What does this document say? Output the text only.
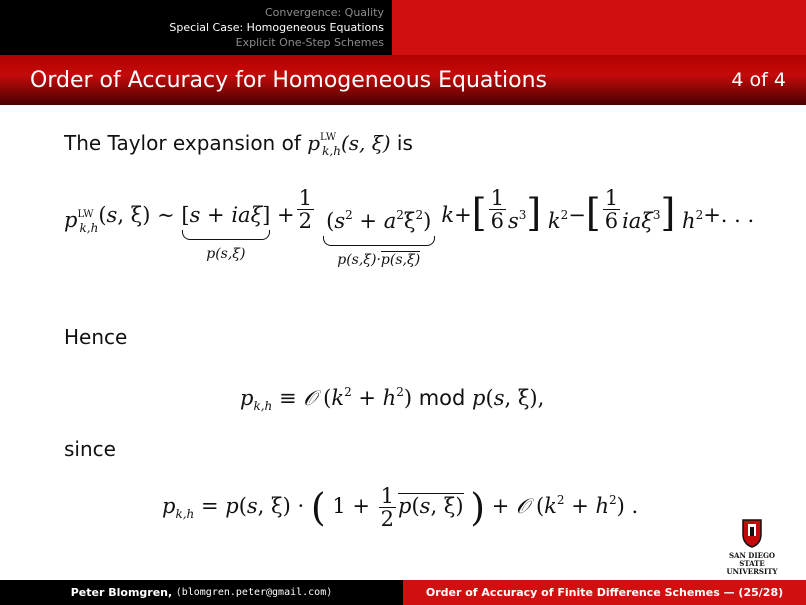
Convergence: Quality
Special Case: Homogeneous Equations
Explicit One-Step Schemes
Order of Accuracy for Homogeneous Equations	4 of 4
The Taylor expansion of $p^{LW}_{k,h}(s$, ξ) is
$p^{LW}_{k,h}(s$, ξ) ∼ [s + iaξ]
p(s,ξ)
+ $\frac{1}{2}$
$(s^2 + a^2\xi^2)$
p(s,ξ)·p(s,ξ)
$k+[ \frac{1}{6} s^3]$ $k^2-[ \frac{1}{6} ia\xi^3]$ $h^2+$. . .
Hence
$p_{k,h}$ ≡ 𝒪 $(k^2 + h^2)$ mod p(s, ξ),
since
$p_{k,h} = p(s$, ξ) · ( $1 + \frac{1}{2} p(s$, ξ) ) + 𝒪 $(k^2 + h^2)$ .
SAN DIEGO STATE
UNIVERSITY
Peter Blomgren,
⟨blomgren.peter@gmail.com⟩	Order of Accuracy of Finite Difference Schemes — (25/28)
